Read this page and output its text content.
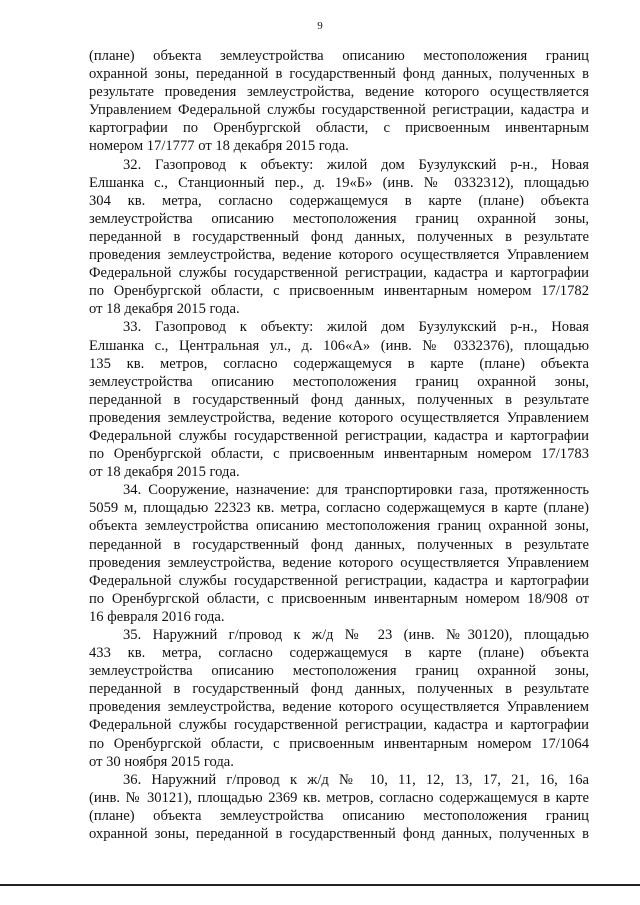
9
(плане) объекта землеустройства описанию местоположения границ
охранной зоны, переданной в государственный фонд данных, полученных в
результате проведения землеустройства, ведение которого осуществляется
Управлением Федеральной службы государственной регистрации, кадастра и
картографии по Оренбургской области, с присвоенным инвентарным
номером 17/1777 от 18 декабря 2015 года.
32. Газопровод к объекту: жилой дом Бузулукский р-н., Новая
Елшанка с., Станционный пер., д. 19«Б» (инв. № 0332312), площадью
304 кв. метра, согласно содержащемуся в карте (плане) объекта
землеустройства описанию местоположения границ охранной зоны,
переданной в государственный фонд данных, полученных в результате
проведения землеустройства, ведение которого осуществляется Управлением
Федеральной службы государственной регистрации, кадастра и картографии
по Оренбургской области, с присвоенным инвентарным номером 17/1782
от 18 декабря 2015 года.
33. Газопровод к объекту: жилой дом Бузулукский р-н., Новая
Елшанка с., Центральная ул., д. 106«А» (инв. № 0332376), площадью
135 кв. метров, согласно содержащемуся в карте (плане) объекта
землеустройства описанию местоположения границ охранной зоны,
переданной в государственный фонд данных, полученных в результате
проведения землеустройства, ведение которого осуществляется Управлением
Федеральной службы государственной регистрации, кадастра и картографии
по Оренбургской области, с присвоенным инвентарным номером 17/1783
от 18 декабря 2015 года.
34. Сооружение, назначение: для транспортировки газа, протяженность
5059 м, площадью 22323 кв. метра, согласно содержащемуся в карте (плане)
объекта землеустройства описанию местоположения границ охранной зоны,
переданной в государственный фонд данных, полученных в результате
проведения землеустройства, ведение которого осуществляется Управлением
Федеральной службы государственной регистрации, кадастра и картографии
по Оренбургской области, с присвоенным инвентарным номером 18/908 от
16 февраля 2016 года.
35. Наружний г/провод к ж/д № 23 (инв. №30120), площадью
433 кв. метра, согласно содержащемуся в карте (плане) объекта
землеустройства описанию местоположения границ охранной зоны,
переданной в государственный фонд данных, полученных в результате
проведения землеустройства, ведение которого осуществляется Управлением
Федеральной службы государственной регистрации, кадастра и картографии
по Оренбургской области, с присвоенным инвентарным номером 17/1064
от 30 ноября 2015 года.
36. Наружний г/провод к ж/д № 10, 11, 12, 13, 17, 21, 16, 16а
(инв. № 30121), площадью 2369 кв. метров, согласно содержащемуся в карте
(плане) объекта землеустройства описанию местоположения границ
охранной зоны, переданной в государственный фонд данных, полученных в
